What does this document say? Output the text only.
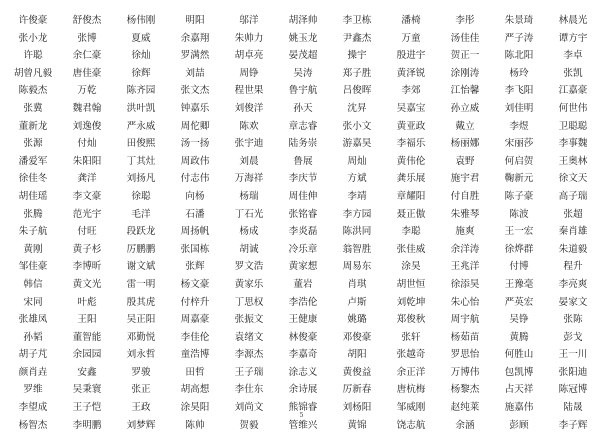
许俊豪	舒俊杰	杨伟刚	明阳	邬洋	胡泽帅	李卫栋	潘椅	李彤	朱景琦	林晨光
张小龙	张博	夏威	余嘉翔	朱帅力	姚玉龙	尹鑫杰	万童	汤佳佳	严子涛	谭方宇
许聪	余仁豪	徐灿	罗满然	胡卓亮	晏茂超	操宇	殷进宇	贺正一	陈北阳	李卓
胡曾凡毅	唐佳豪	徐辉	刘喆	周铮	吴涛	郑子胜	黄泽锐	涂刚涛	杨玲	张凯
陈毅杰	万乾	陈齐园	张文杰	程世果	鲁宇航	吕俊晖	李郊	江怡馨	李飞阳	江嘉豪
张冀	魏君翰	洪叶凯	钟嘉乐	刘俊洋	孙天	沈昇	吴嘉宝	孙立威	刘佳明	何世伟
董新龙	刘逸俊	严永威	周佗卿	陈欢	章志睿	张小文	黄亚政	戴立	李煜	卫聪聪
张源	付灿	田俊熙	汤一扬	张宇迪	陆务崇	游嘉昊	李福乐	杨丽娜	宋丽莎	李事魏
潘爱军	朱阳阳	丁其灶	周政伟	刘晨	鲁展	周灿	黄伟伦	袁野	何启贺	王奥林
徐佳冬	龚洋	刘扬凡	付志伟	万海祥	李庆节	方斌	龚乐展	施宇君	鞠新元	徐文天
胡佳瑶	李文豪	徐聪	向杨	杨瑞	周佳伸	李靖	章耀阳	付自胜	陈子豪	高子瑞
张腾	范光宇	毛洋	石潘	丁石光	张铭睿	李方园	聂正傲	朱雅琴	陈波	张超
朱子航	付旺	段跃龙	周扬帆	杨成	李炎磊	陈洪同	李聪	施爽	王一宏	秦肖雄
黄刚	黄子杉	厉鹏鹏	张国栋	胡诚	冷乐章	翁智胜	张佳威	余洋涛	徐烨群	朱道毅
邹佳豪	李博昕	谢文斌	张辉	罗文浩	黄家想	周易东	涂昊	王兆洋	付博	程升
韩信	黄文光	雷一明	杨文豪	黄家乐	董岩	肖琪	胡世恒	徐添昊	王豫毫	李亮爽
宋同	叶彪	殷其虎	付梓升	丁思权	李浩伦	卢斯	刘乾坤	朱心怡	严英宏	晏家文
张雄凤	王阳	吴正阳	周嘉豪	张振文	王健康	姚璐	郑俊秋	周宇航	吴铮	张陈
孙韬	董智能	邓勤悦	李佳伦	袁绪文	林俊豪	邓俊豪	张轩	杨茹苗	黄腾	彭戈
胡子芃	余园园	刘永哲	童浩博	李源杰	李嘉奇	胡阳	张越奇	罗思怡	何胜山	王一川
颜肖垚	安鑫	罗骏	田哲	王子瑞	涂志义	黄俊益	余正洋	万博伟	包凯博	张阳迪
罗维	吴秉寰	张正	胡高想	李仕东	余诗展	厉新春	唐杭梅	杨黎杰	占天祥	陈冠博
李望成	王子恺	王政	涂昊阳	刘尚文	熊锦睿	刘杨阳	邹威刚	赵纯莱	施嘉伟	陆晟
杨智杰	李明鹏	刘梦辉	陈帅	贺毅	管维兴	黄锦	饶志航	余涵	彭顾	李子辉
5
